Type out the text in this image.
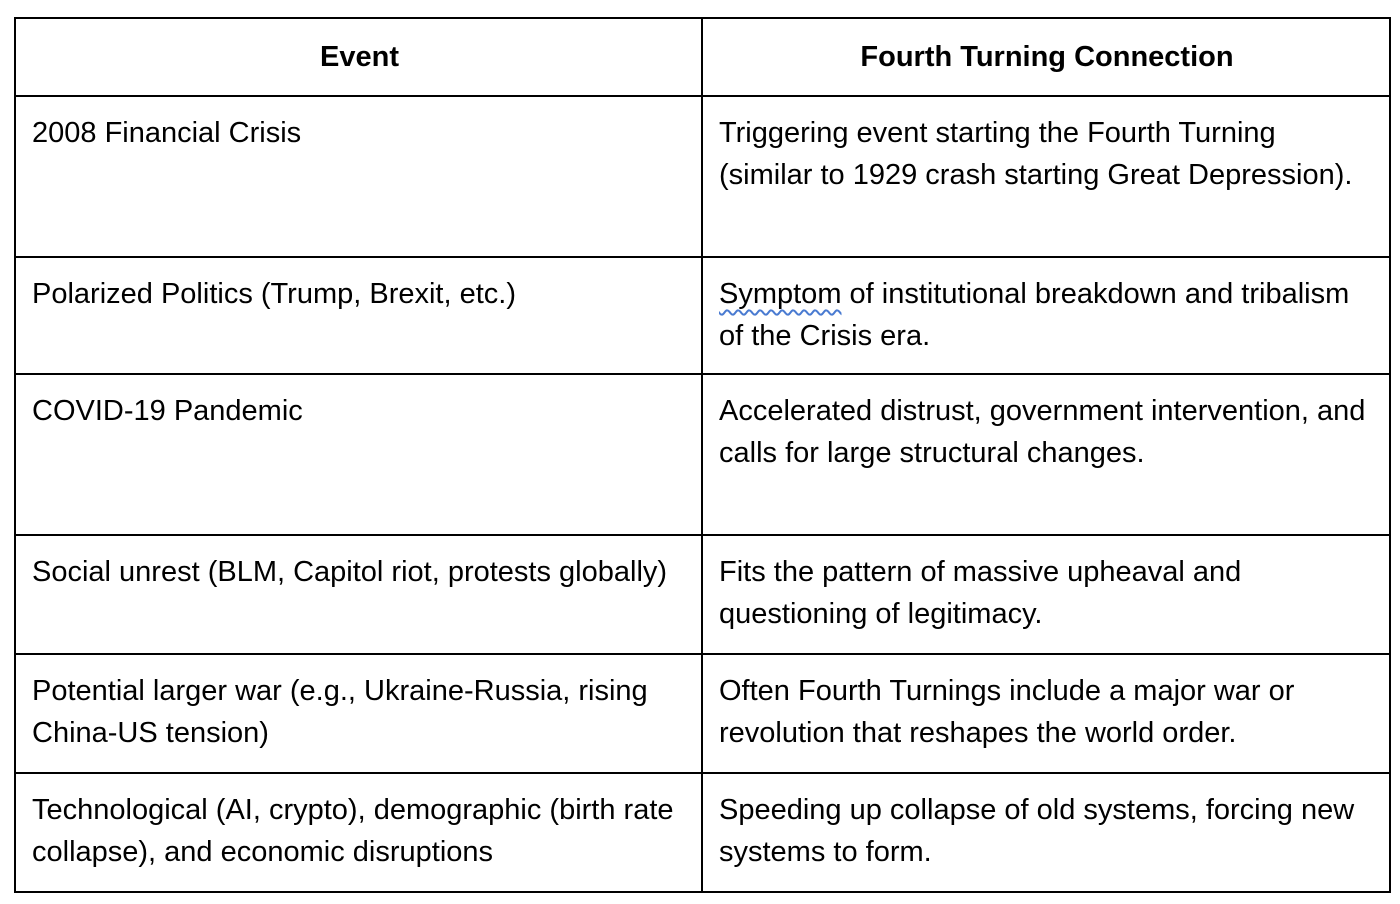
Event	Fourth Turning Connection
2008 Financial Crisis	Triggering event starting the Fourth Turning (similar to 1929 crash starting Great Depression).
Polarized Politics (Trump, Brexit, etc.)	Symptom of institutional breakdown and tribalism of the Crisis era.
COVID-19 Pandemic	Accelerated distrust, government intervention, and calls for large structural changes.
Social unrest (BLM, Capitol riot, protests globally)	Fits the pattern of massive upheaval and questioning of legitimacy.
Potential larger war (e.g., Ukraine-Russia, rising China-US tension)	Often Fourth Turnings include a major war or revolution that reshapes the world order.
Technological (AI, crypto), demographic (birth rate collapse), and economic disruptions	Speeding up collapse of old systems, forcing new systems to form.
